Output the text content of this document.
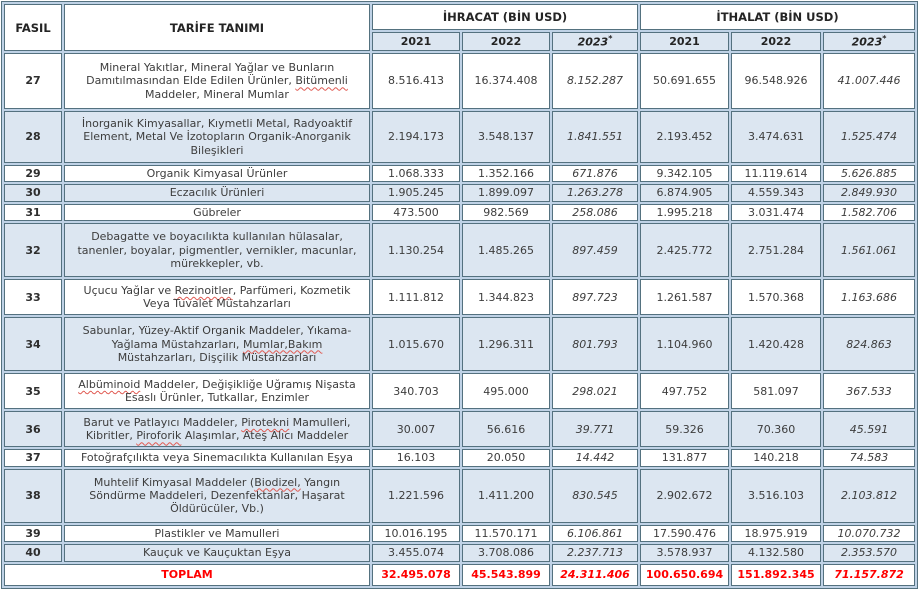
FASIL	TARİFE TANIMI	İHRACAT (BİN USD)			İTHALAT (BİN USD)		
		2021	2022	2023*	2021	2022	2023*
27	Mineral Yakıtlar, Mineral Yağlar ve Bunların Damıtılmasından Elde Edilen Ürünler, Bitümenli Maddeler, Mineral Mumlar	8.516.413	16.374.408	8.152.287	50.691.655	96.548.926	41.007.446
28	İnorganik Kimyasallar, Kıymetli Metal, Radyoaktif Element, Metal Ve İzotopların Organik-Anorganik Bileşikleri	2.194.173	3.548.137	1.841.551	2.193.452	3.474.631	1.525.474
29	Organik Kimyasal Ürünler	1.068.333	1.352.166	671.876	9.342.105	11.119.614	5.626.885
30	Eczacılık Ürünleri	1.905.245	1.899.097	1.263.278	6.874.905	4.559.343	2.849.930
31	Gübreler	473.500	982.569	258.086	1.995.218	3.031.474	1.582.706
32	Debagatte ve boyacılıkta kullanılan hülasalar, tanenler, boyalar, pigmentler, vernikler, macunlar, mürekkepler, vb.	1.130.254	1.485.265	897.459	2.425.772	2.751.284	1.561.061
33	Uçucu Yağlar ve Rezinoitler, Parfümeri, Kozmetik Veya Tuvalet Müstahzarları	1.111.812	1.344.823	897.723	1.261.587	1.570.368	1.163.686
34	Sabunlar, Yüzey-Aktif Organik Maddeler, Yıkama-Yağlama Müstahzarları, Mumlar,Bakım Müstahzarları, Dişçilik Müstahzarları	1.015.670	1.296.311	801.793	1.104.960	1.420.428	824.863
35	Albüminoid Maddeler, Değişikliğe Uğramış Nişasta Esaslı Ürünler, Tutkallar, Enzimler	340.703	495.000	298.021	497.752	581.097	367.533
36	Barut ve Patlayıcı Maddeler, Pirotekni Mamulleri, Kibritler, Piroforik Alaşımlar, Ateş Alıcı Maddeler	30.007	56.616	39.771	59.326	70.360	45.591
37	Fotoğrafçılıkta veya Sinemacılıkta Kullanılan Eşya	16.103	20.050	14.442	131.877	140.218	74.583
38	Muhtelif Kimyasal Maddeler (Biodizel, Yangın Söndürme Maddeleri, Dezenfektanlar, Haşarat Öldürücüler, Vb.)	1.221.596	1.411.200	830.545	2.902.672	3.516.103	2.103.812
39	Plastikler ve Mamulleri	10.016.195	11.570.171	6.106.861	17.590.476	18.975.919	10.070.732
40	Kauçuk ve Kauçuktan Eşya	3.455.074	3.708.086	2.237.713	3.578.937	4.132.580	2.353.570
TOPLAM		32.495.078	45.543.899	24.311.406	100.650.694	151.892.345	71.157.872
